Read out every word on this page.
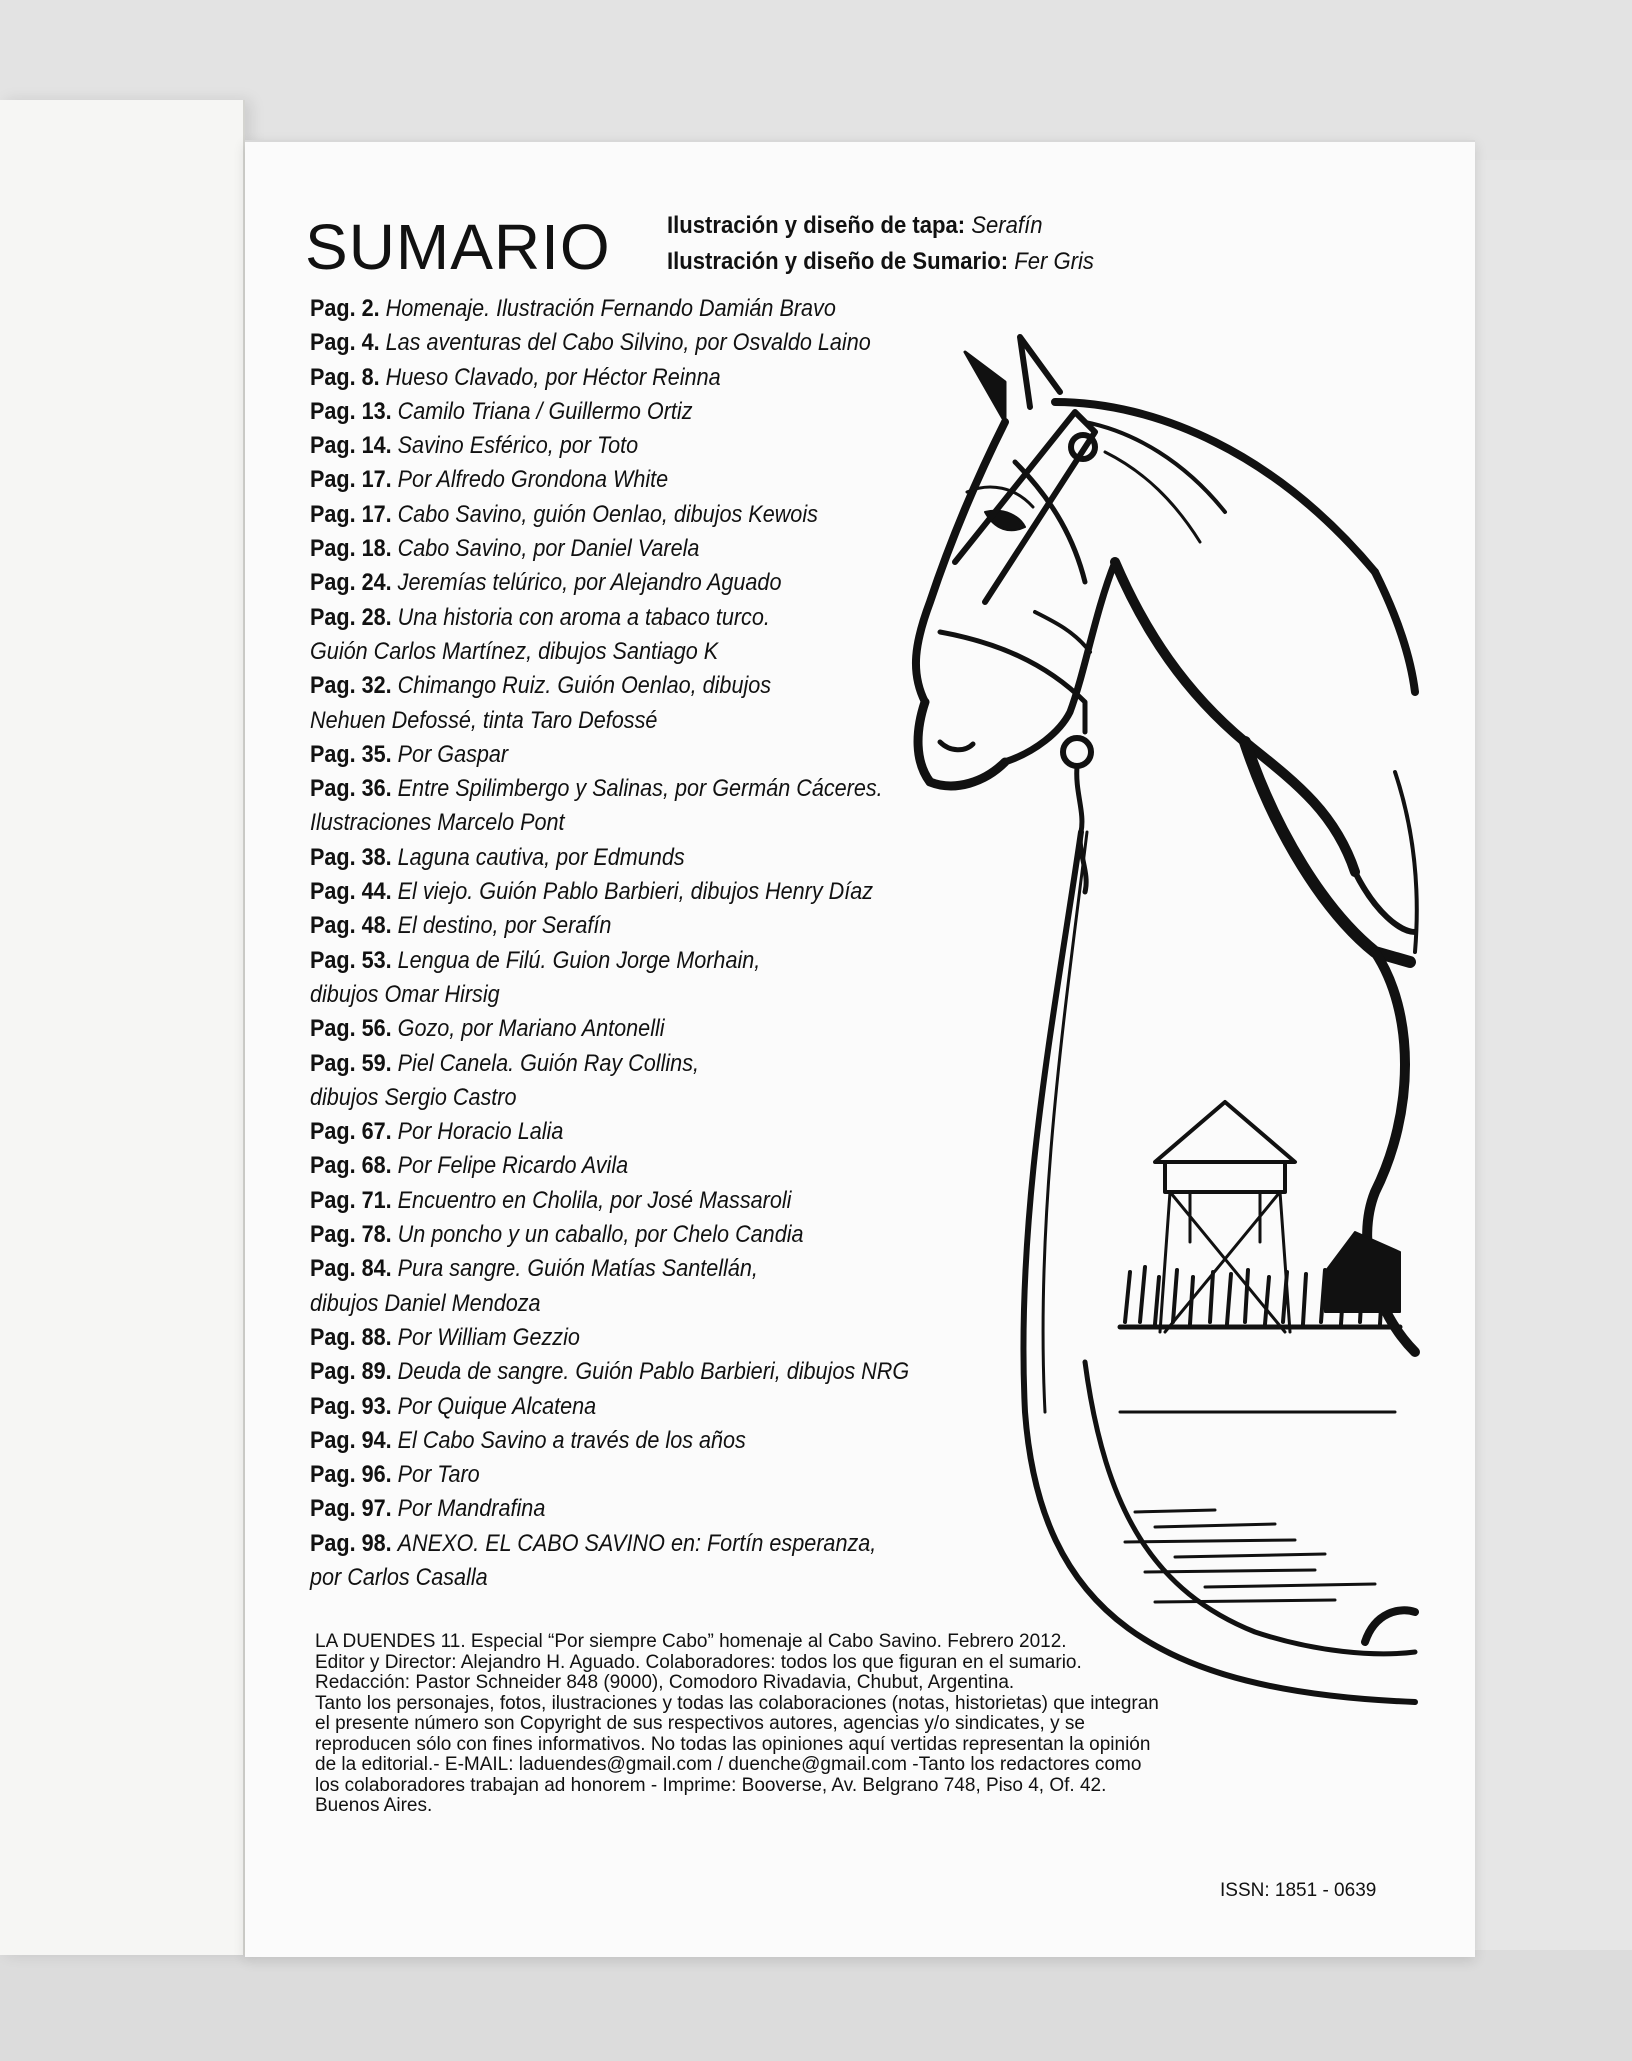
SUMARIO Ilustración y diseño de tapa: Serafín
Ilustración y diseño de Sumario: Fer Gris
Pag. 2. Homenaje. Ilustración Fernando Damián Bravo
Pag. 4. Las aventuras del Cabo Silvino, por Osvaldo Laino
Pag. 8. Hueso Clavado, por Héctor Reinna
Pag. 13. Camilo Triana / Guillermo Ortiz
Pag. 14. Savino Esférico, por Toto
Pag. 17. Por Alfredo Grondona White
Pag. 17. Cabo Savino, guión Oenlao, dibujos Kewois
Pag. 18. Cabo Savino, por Daniel Varela
Pag. 24. Jeremías telúrico, por Alejandro Aguado
Pag. 28. Una historia con aroma a tabaco turco.
Guión Carlos Martínez, dibujos Santiago K
Pag. 32. Chimango Ruiz. Guión Oenlao, dibujos
Nehuen Defossé, tinta Taro Defossé
Pag. 35. Por Gaspar
Pag. 36. Entre Spilimbergo y Salinas, por Germán Cáceres.
Ilustraciones Marcelo Pont
Pag. 38. Laguna cautiva, por Edmunds
Pag. 44. El viejo. Guión Pablo Barbieri, dibujos Henry Díaz
Pag. 48. El destino, por Serafín
Pag. 53. Lengua de Filú. Guion Jorge Morhain,
dibujos Omar Hirsig
Pag. 56. Gozo, por Mariano Antonelli
Pag. 59. Piel Canela. Guión Ray Collins,
dibujos Sergio Castro
Pag. 67. Por Horacio Lalia
Pag. 68. Por Felipe Ricardo Avila
Pag. 71. Encuentro en Cholila, por José Massaroli
Pag. 78. Un poncho y un caballo, por Chelo Candia
Pag. 84. Pura sangre. Guión Matías Santellán,
dibujos Daniel Mendoza
Pag. 88. Por William Gezzio
Pag. 89. Deuda de sangre. Guión Pablo Barbieri, dibujos NRG
Pag. 93. Por Quique Alcatena
Pag. 94. El Cabo Savino a través de los años
Pag. 96. Por Taro
Pag. 97. Por Mandrafina
Pag. 98. ANEXO. EL CABO SAVINO en: Fortín esperanza,
por Carlos Casalla
LA DUENDES 11. Especial “Por siempre Cabo” homenaje al Cabo Savino. Febrero 2012.
Editor y Director: Alejandro H. Aguado. Colaboradores: todos los que figuran en el sumario.
Redacción: Pastor Schneider 848 (9000), Comodoro Rivadavia, Chubut, Argentina.
Tanto los personajes, fotos, ilustraciones y todas las colaboraciones (notas, historietas) que integran
el presente número son Copyright de sus respectivos autores, agencias y/o sindicates, y se
reproducen sólo con fines informativos. No todas las opiniones aquí vertidas representan la opinión
de la editorial.- E-MAIL: laduendes@gmail.com / duenche@gmail.com -Tanto los redactores como
los colaboradores trabajan ad honorem - Imprime: Booverse, Av. Belgrano 748, Piso 4, Of. 42.
Buenos Aires.
ISSN: 1851 - 0639
